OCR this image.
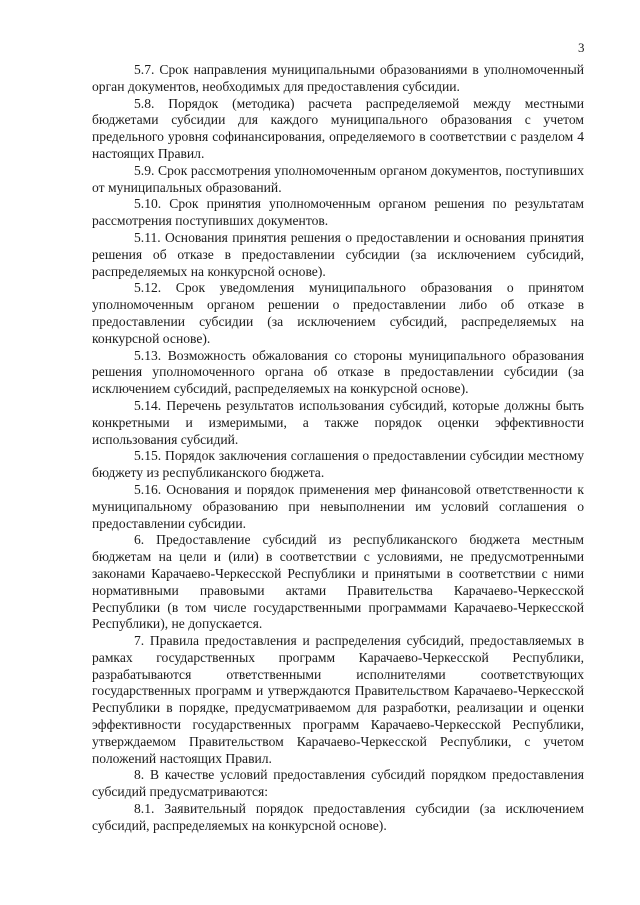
3

5.7. Срок направления муниципальными образованиями в уполномоченный орган документов, необходимых для предоставления субсидии.

5.8. Порядок (методика) расчета распределяемой между местными бюджетами субсидии для каждого муниципального образования с учетом предельного уровня софинансирования, определяемого в соответствии с разделом 4 настоящих Правил.

5.9. Срок рассмотрения уполномоченным органом документов, поступивших от муниципальных образований.

5.10. Срок принятия уполномоченным органом решения по результатам рассмотрения поступивших документов.

5.11. Основания принятия решения о предоставлении и основания принятия решения об отказе в предоставлении субсидии (за исключением субсидий, распределяемых на конкурсной основе).

5.12. Срок уведомления муниципального образования о принятом уполномоченным органом решении о предоставлении либо об отказе в предоставлении субсидии (за исключением субсидий, распределяемых на конкурсной основе).

5.13. Возможность обжалования со стороны муниципального образования решения уполномоченного органа об отказе в предоставлении субсидии (за исключением субсидий, распределяемых на конкурсной основе).

5.14. Перечень результатов использования субсидий, которые должны быть конкретными и измеримыми, а также порядок оценки эффективности использования субсидий.

5.15. Порядок заключения соглашения о предоставлении субсидии местному бюджету из республиканского бюджета.

5.16. Основания и порядок применения мер финансовой ответственности к муниципальному образованию при невыполнении им условий соглашения о предоставлении субсидии.

6. Предоставление субсидий из республиканского бюджета местным бюджетам на цели и (или) в соответствии с условиями, не предусмотренными законами Карачаево-Черкесской Республики и принятыми в соответствии с ними нормативными правовыми актами Правительства Карачаево-Черкесской Республики (в том числе государственными программами Карачаево-Черкесской Республики), не допускается.

7. Правила предоставления и распределения субсидий, предоставляемых в рамках государственных программ Карачаево-Черкесской Республики, разрабатываются ответственными исполнителями соответствующих государственных программ и утверждаются Правительством Карачаево-Черкесской Республики в порядке, предусматриваемом для разработки, реализации и оценки эффективности государственных программ Карачаево-Черкесской Республики, утверждаемом Правительством Карачаево-Черкесской Республики, с учетом положений настоящих Правил.

8. В качестве условий предоставления субсидий порядком предоставления субсидий предусматриваются:

8.1. Заявительный порядок предоставления субсидии (за исключением субсидий, распределяемых на конкурсной основе).
